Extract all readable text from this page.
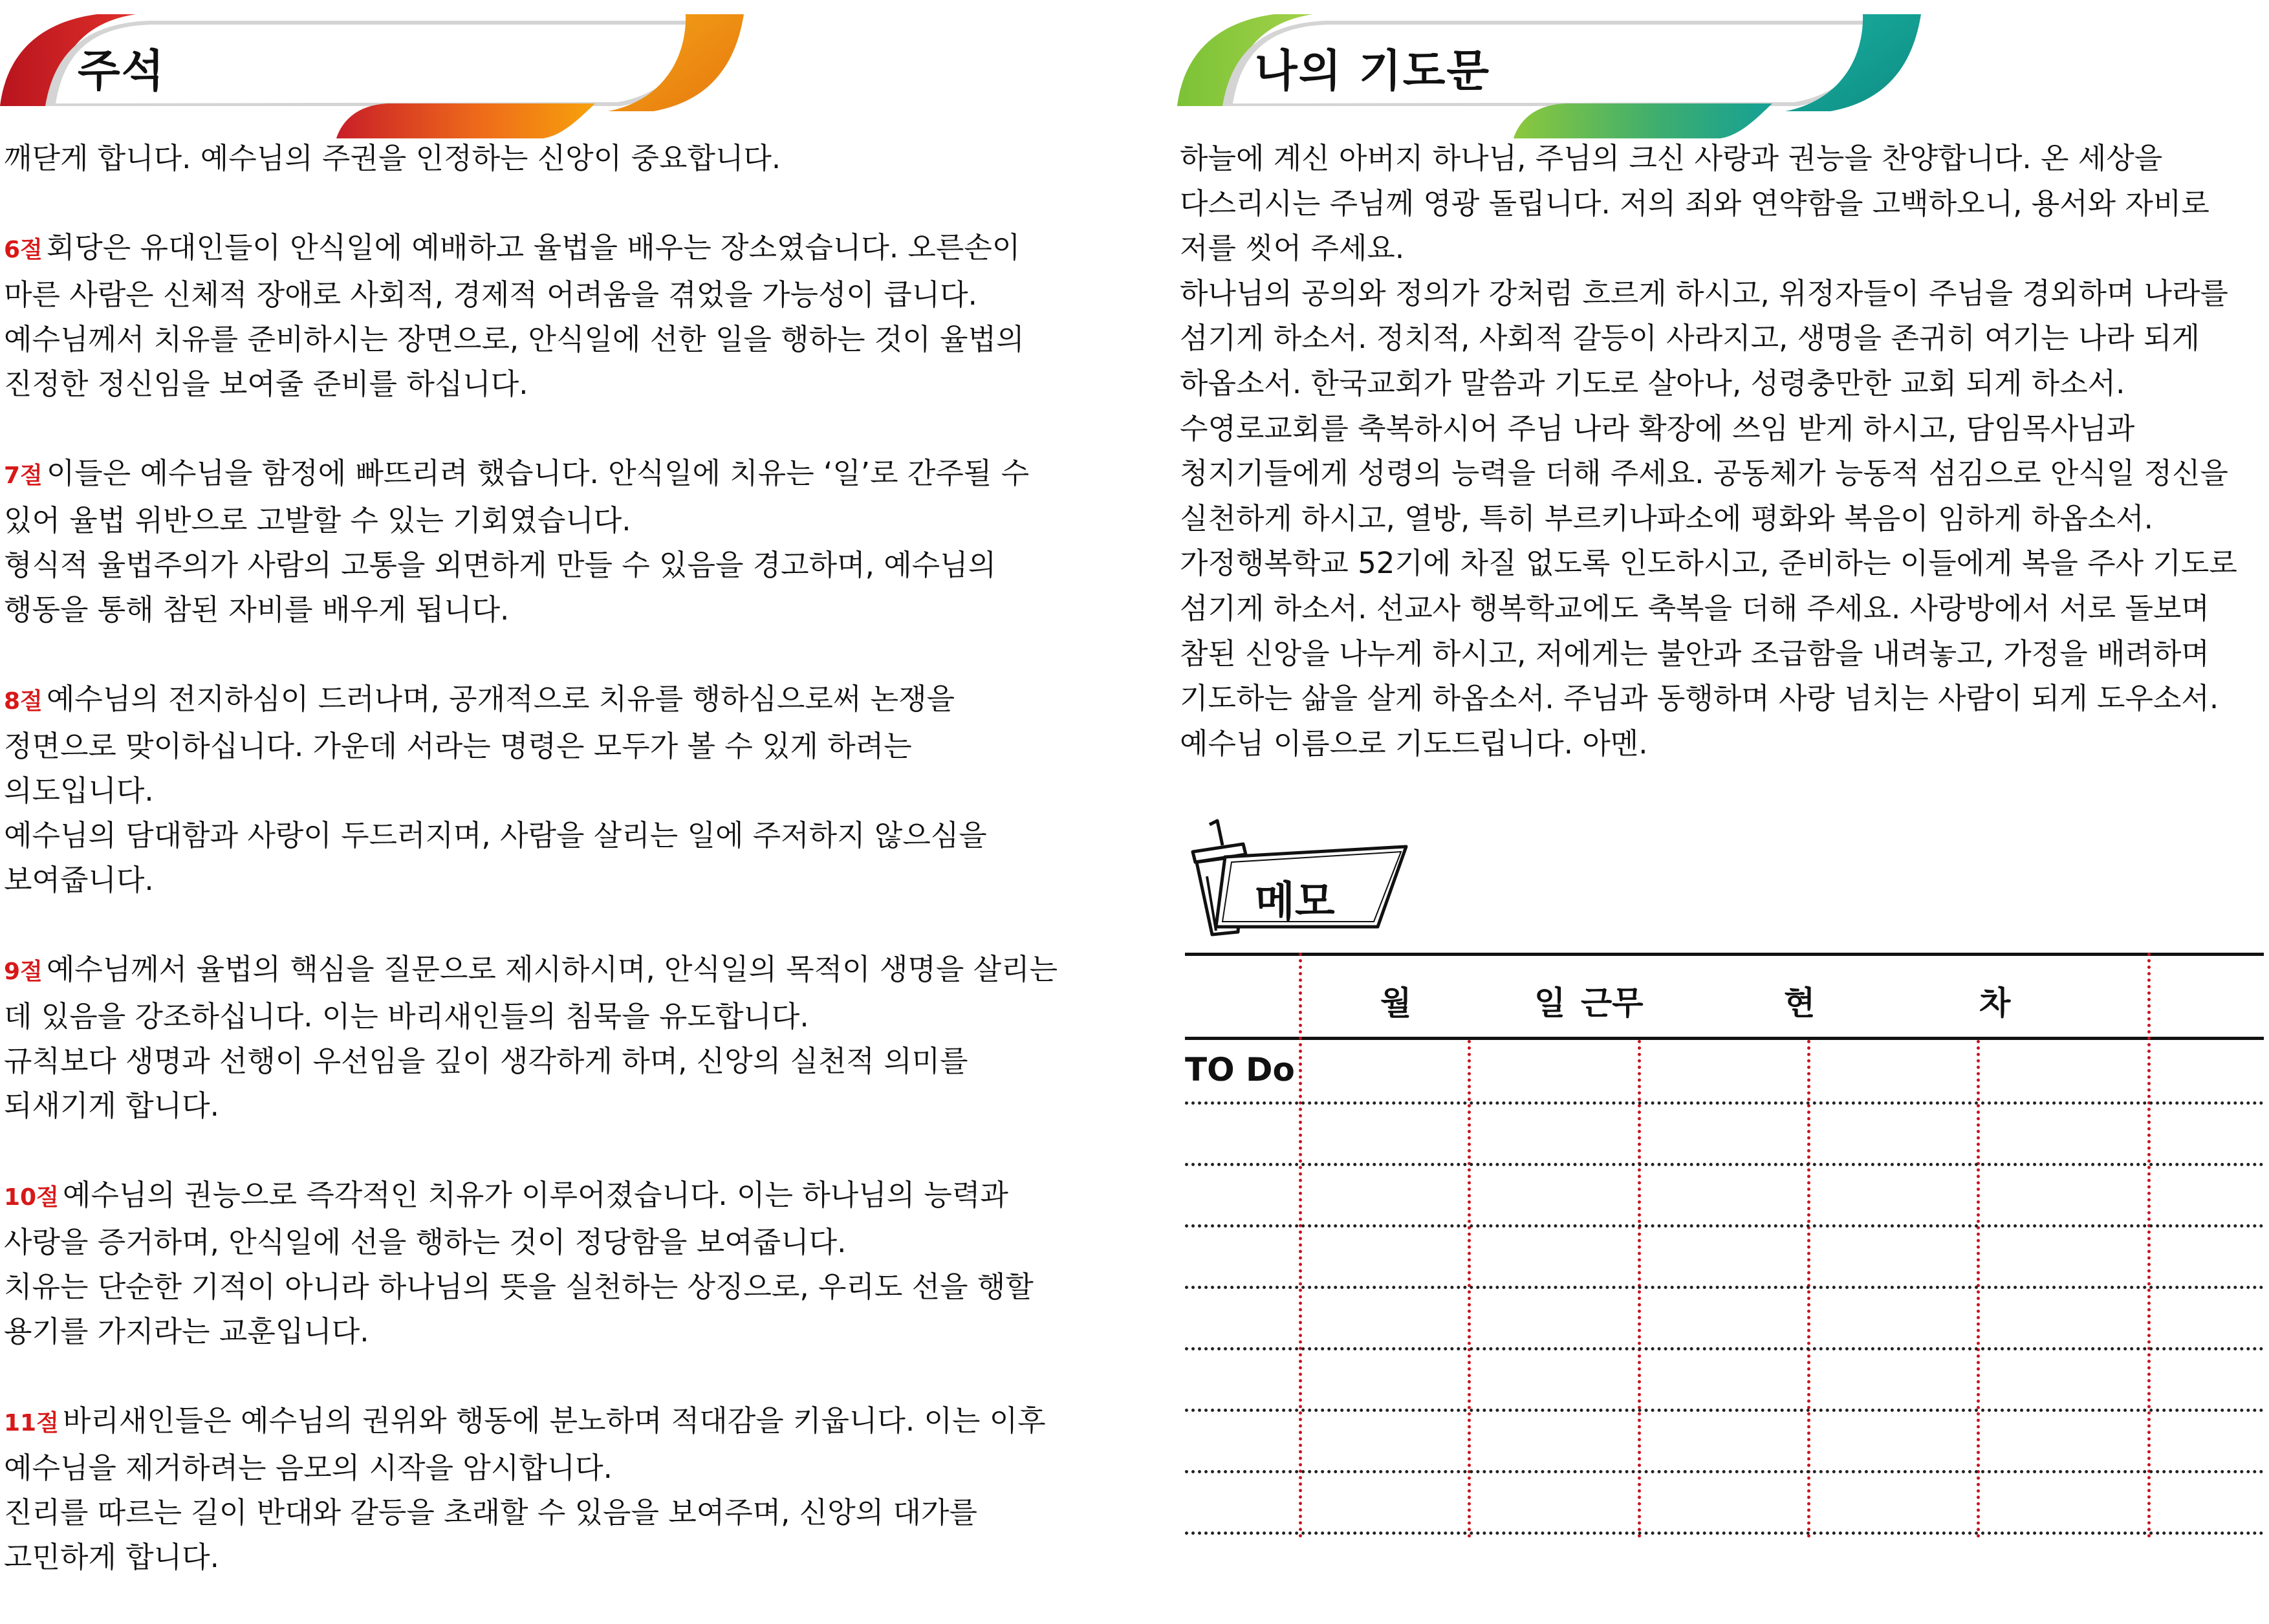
주석
깨닫게 합니다. 예수님의 주권을 인정하는 신앙이 중요합니다.
6절 회당은 유대인들이 안식일에 예배하고 율법을 배우는 장소였습니다. 오른손이
마른 사람은 신체적 장애로 사회적, 경제적 어려움을 겪었을 가능성이 큽니다.
예수님께서 치유를 준비하시는 장면으로, 안식일에 선한 일을 행하는 것이 율법의
진정한 정신임을 보여줄 준비를 하십니다.
7절 이들은 예수님을 함정에 빠뜨리려 했습니다. 안식일에 치유는 ‘일’로 간주될 수
있어 율법 위반으로 고발할 수 있는 기회였습니다.
형식적 율법주의가 사람의 고통을 외면하게 만들 수 있음을 경고하며, 예수님의
행동을 통해 참된 자비를 배우게 됩니다.
8절 예수님의 전지하심이 드러나며, 공개적으로 치유를 행하심으로써 논쟁을
정면으로 맞이하십니다. 가운데 서라는 명령은 모두가 볼 수 있게 하려는
의도입니다.
예수님의 담대함과 사랑이 두드러지며, 사람을 살리는 일에 주저하지 않으심을
보여줍니다.
9절 예수님께서 율법의 핵심을 질문으로 제시하시며, 안식일의 목적이 생명을 살리는
데 있음을 강조하십니다. 이는 바리새인들의 침묵을 유도합니다.
규칙보다 생명과 선행이 우선임을 깊이 생각하게 하며, 신앙의 실천적 의미를
되새기게 합니다.
10절 예수님의 권능으로 즉각적인 치유가 이루어졌습니다. 이는 하나님의 능력과
사랑을 증거하며, 안식일에 선을 행하는 것이 정당함을 보여줍니다.
치유는 단순한 기적이 아니라 하나님의 뜻을 실천하는 상징으로, 우리도 선을 행할
용기를 가지라는 교훈입니다.
11절 바리새인들은 예수님의 권위와 행동에 분노하며 적대감을 키웁니다. 이는 이후
예수님을 제거하려는 음모의 시작을 암시합니다.
진리를 따르는 길이 반대와 갈등을 초래할 수 있음을 보여주며, 신앙의 대가를
고민하게 합니다.
나의 기도문
하늘에 계신 아버지 하나님, 주님의 크신 사랑과 권능을 찬양합니다. 온 세상을
다스리시는 주님께 영광 돌립니다. 저의 죄와 연약함을 고백하오니, 용서와 자비로
저를 씻어 주세요.
하나님의 공의와 정의가 강처럼 흐르게 하시고, 위정자들이 주님을 경외하며 나라를
섬기게 하소서. 정치적, 사회적 갈등이 사라지고, 생명을 존귀히 여기는 나라 되게
하옵소서. 한국교회가 말씀과 기도로 살아나, 성령충만한 교회 되게 하소서.
수영로교회를 축복하시어 주님 나라 확장에 쓰임 받게 하시고, 담임목사님과
청지기들에게 성령의 능력을 더해 주세요. 공동체가 능동적 섬김으로 안식일 정신을
실천하게 하시고, 열방, 특히 부르키나파소에 평화와 복음이 임하게 하옵소서.
가정행복학교 52기에 차질 없도록 인도하시고, 준비하는 이들에게 복을 주사 기도로
섬기게 하소서. 선교사 행복학교에도 축복을 더해 주세요. 사랑방에서 서로 돌보며
참된 신앙을 나누게 하시고, 저에게는 불안과 조급함을 내려놓고, 가정을 배려하며
기도하는 삶을 살게 하옵소서. 주님과 동행하며 사랑 넘치는 사람이 되게 도우소서.
예수님 이름으로 기도드립니다. 아멘.
메모
월	일 근무	현	차
TO Do
